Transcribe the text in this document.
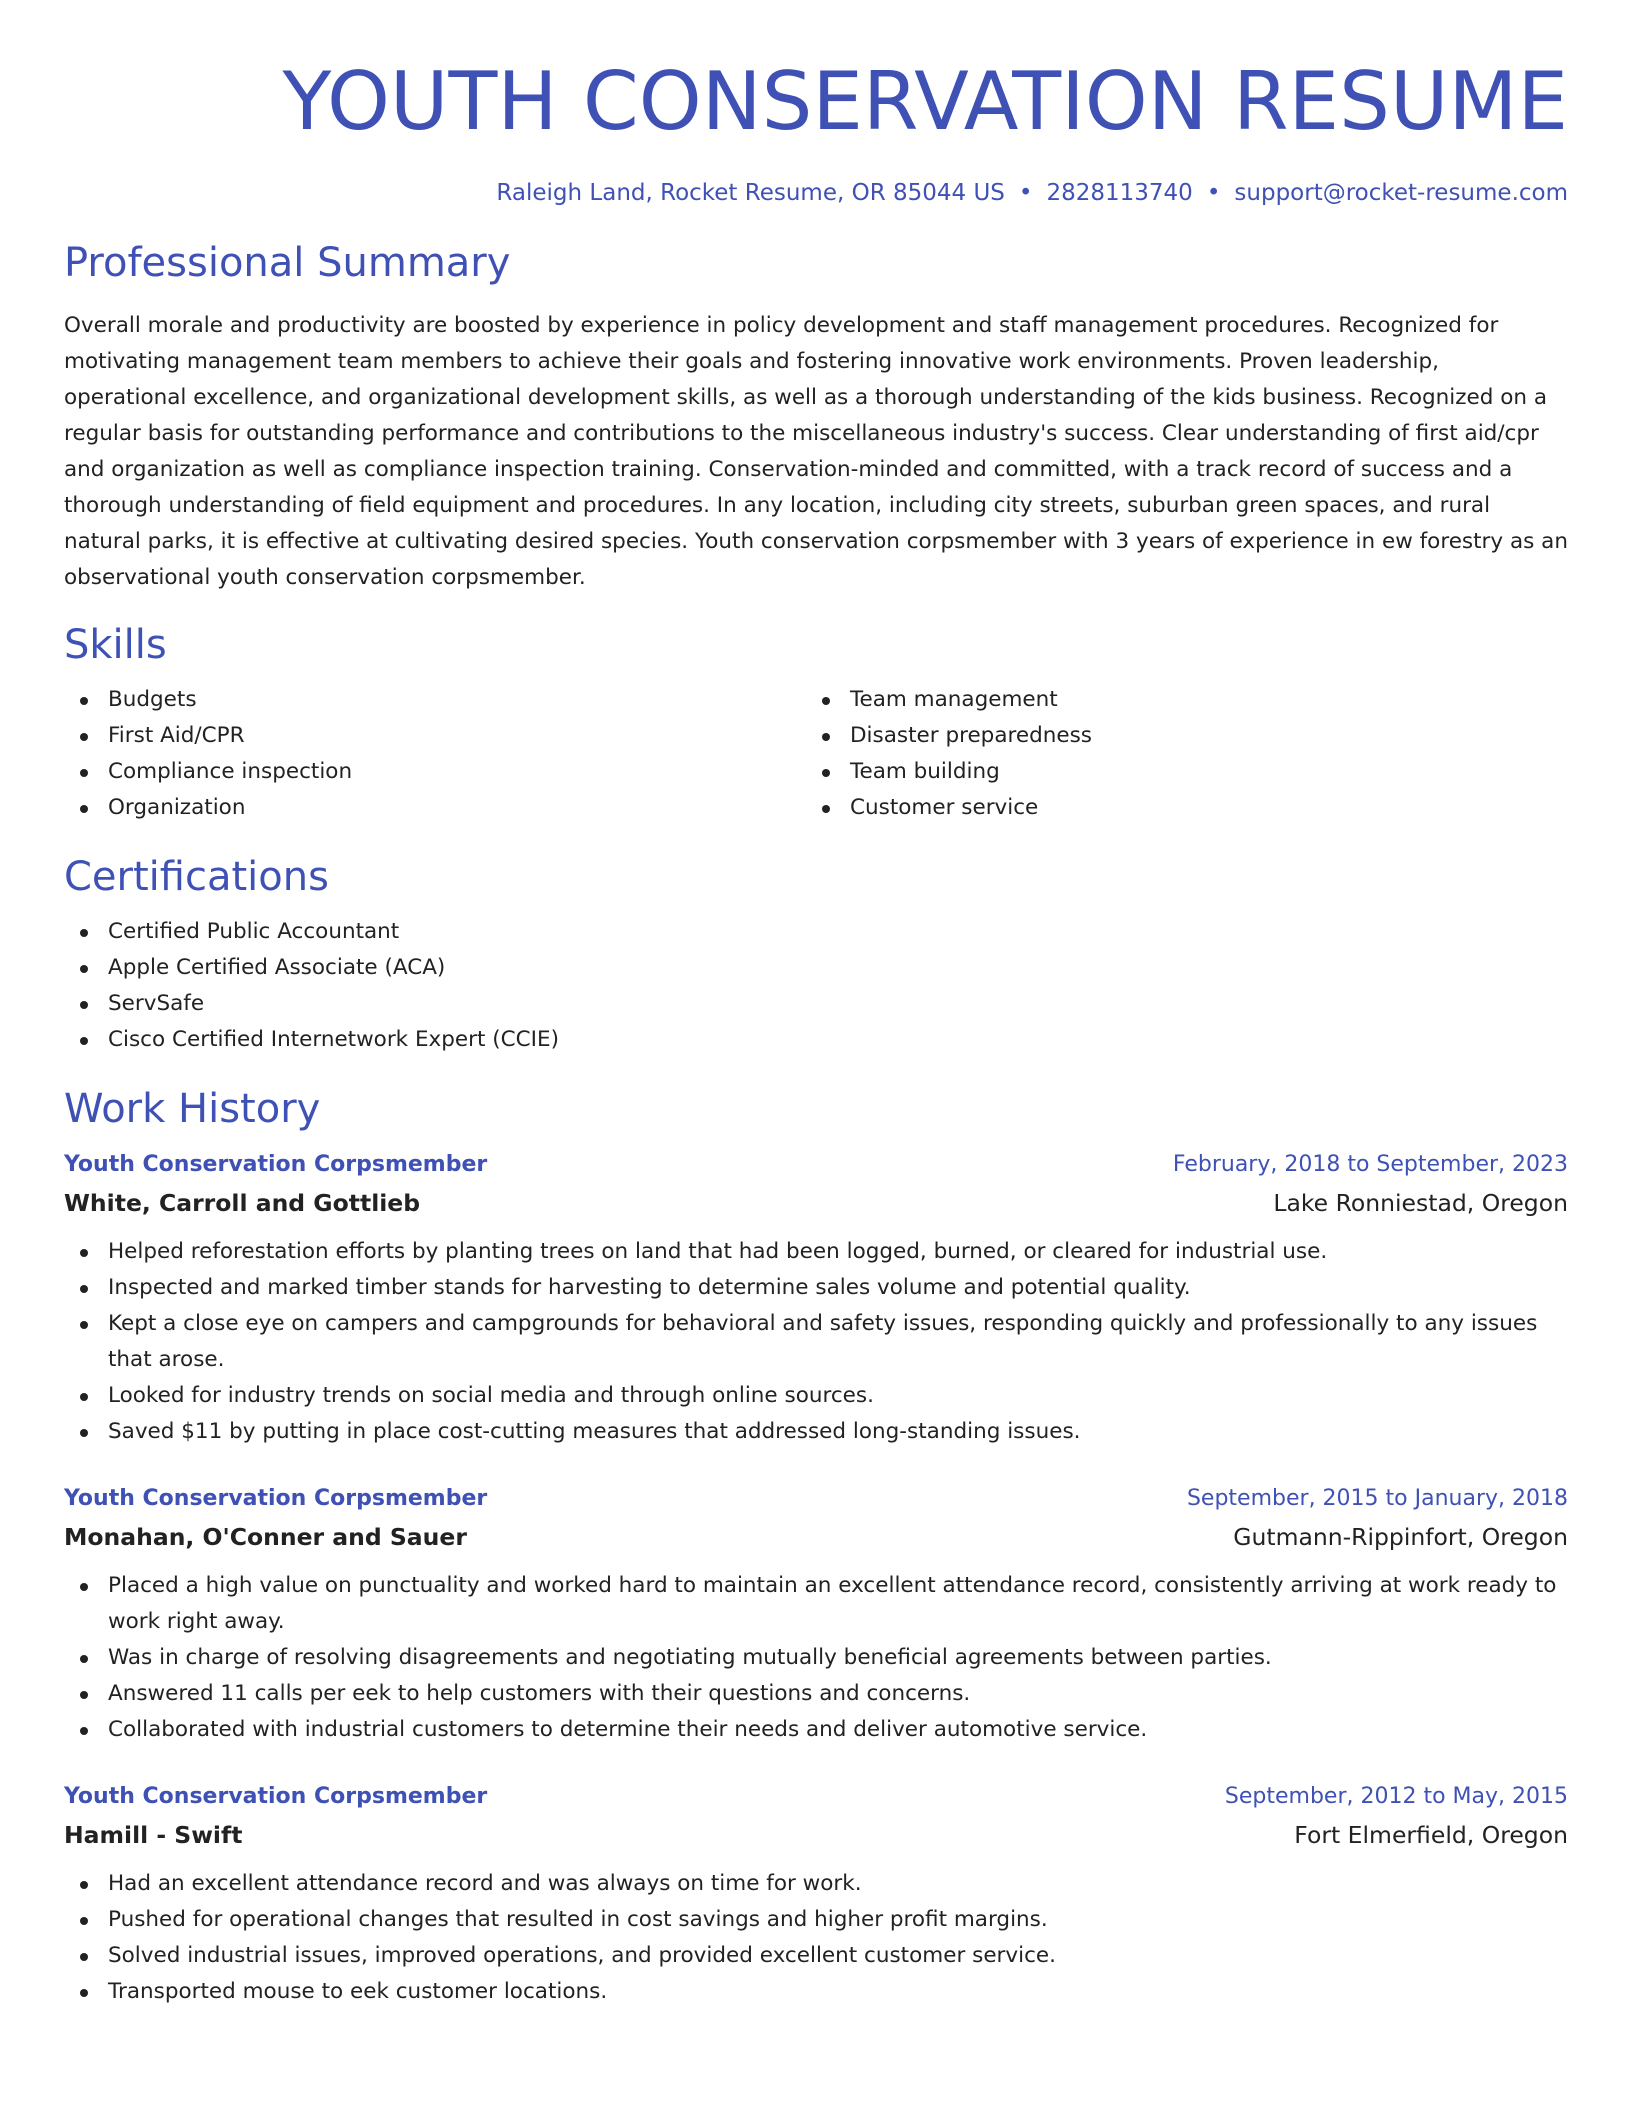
YOUTH CONSERVATION RESUME
Raleigh Land, Rocket Resume, OR 85044 US • 2828113740 • support@rocket-resume.com
Professional Summary

Overall morale and productivity are boosted by experience in policy development and staff management procedures. Recognized for motivating management team members to achieve their goals and fostering innovative work environments. Proven leadership, operational excellence, and organizational development skills, as well as a thorough understanding of the kids business. Recognized on a regular basis for outstanding performance and contributions to the miscellaneous industry's success. Clear understanding of first aid/cpr and organization as well as compliance inspection training. Conservation-minded and committed, with a track record of success and a thorough understanding of field equipment and procedures. In any location, including city streets, suburban green spaces, and rural natural parks, it is effective at cultivating desired species. Youth conservation corpsmember with 3 years of experience in ew forestry as an observational youth conservation corpsmember.

Skills
Budgets
First Aid/CPR
Compliance inspection
Organization
Team management
Disaster preparedness
Team building
Customer service
Certifications
Certified Public Accountant
Apple Certified Associate (ACA)
ServSafe
Cisco Certified Internetwork Expert (CCIE)
Work History
Youth Conservation Corpsmember	February, 2018 to September, 2023
White, Carroll and Gottlieb	Lake Ronniestad, Oregon
Helped reforestation efforts by planting trees on land that had been logged, burned, or cleared for industrial use.
Inspected and marked timber stands for harvesting to determine sales volume and potential quality.
Kept a close eye on campers and campgrounds for behavioral and safety issues, responding quickly and professionally to any issues that arose.
Looked for industry trends on social media and through online sources.
Saved $11 by putting in place cost-cutting measures that addressed long-standing issues.
Youth Conservation Corpsmember	September, 2015 to January, 2018
Monahan, O'Conner and Sauer	Gutmann-Rippinfort, Oregon
Placed a high value on punctuality and worked hard to maintain an excellent attendance record, consistently arriving at work ready to work right away.
Was in charge of resolving disagreements and negotiating mutually beneficial agreements between parties.
Answered 11 calls per eek to help customers with their questions and concerns.
Collaborated with industrial customers to determine their needs and deliver automotive service.
Youth Conservation Corpsmember	September, 2012 to May, 2015
Hamill - Swift	Fort Elmerfield, Oregon
Had an excellent attendance record and was always on time for work.
Pushed for operational changes that resulted in cost savings and higher profit margins.
Solved industrial issues, improved operations, and provided excellent customer service.
Transported mouse to eek customer locations.
